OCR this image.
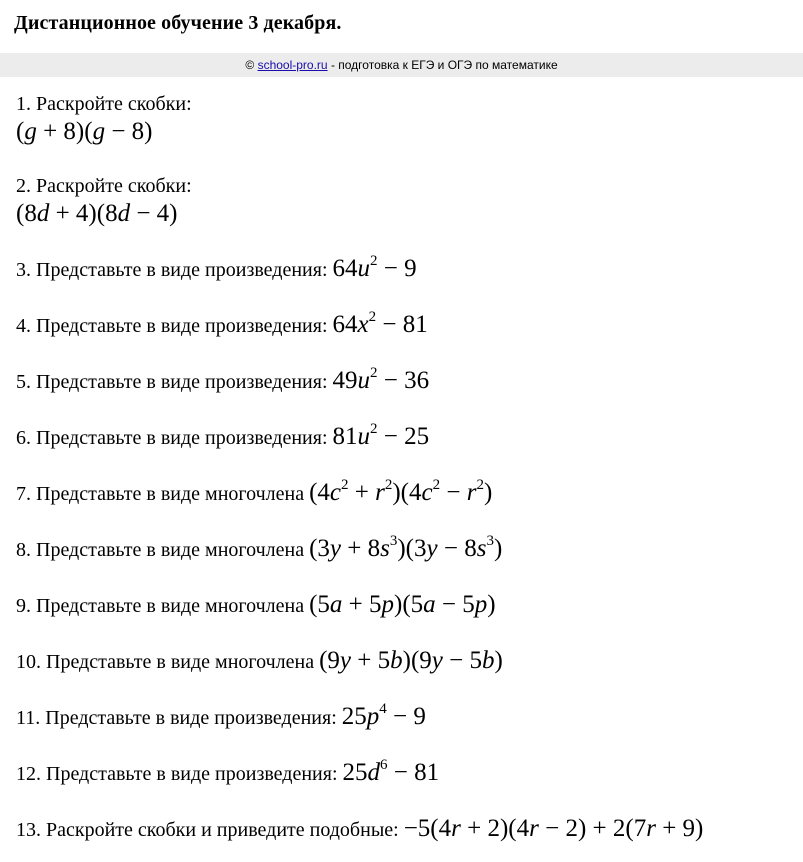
Дистанционное обучение 3 декабря.
© school-pro.ru - подготовка к ЕГЭ и ОГЭ по математике
1. Раскройте скобки:
(g + 8)(g − 8)
2. Раскройте скобки:
(8d + 4)(8d − 4)
3. Представьте в виде произведения: $64u^2 - 9$
4. Представьте в виде произведения: $64x^2 - 81$
5. Представьте в виде произведения: $49u^2 - 36$
6. Представьте в виде произведения: $81u^2 - 25$
7. Представьте в виде многочлена $(4c^2 + r^2)(4c^2 - r^2)$
8. Представьте в виде многочлена $(3y + 8s^3)(3y - 8s^3)$
9. Представьте в виде многочлена (5a + 5p)(5a − 5p)
10. Представьте в виде многочлена (9y + 5b)(9y − 5b)
11. Представьте в виде произведения: $25p^4 - 9$
12. Представьте в виде произведения: $25d^6 - 81$
13. Раскройте скобки и приведите подобные: −5(4r + 2)(4r − 2) + 2(7r + 9)
